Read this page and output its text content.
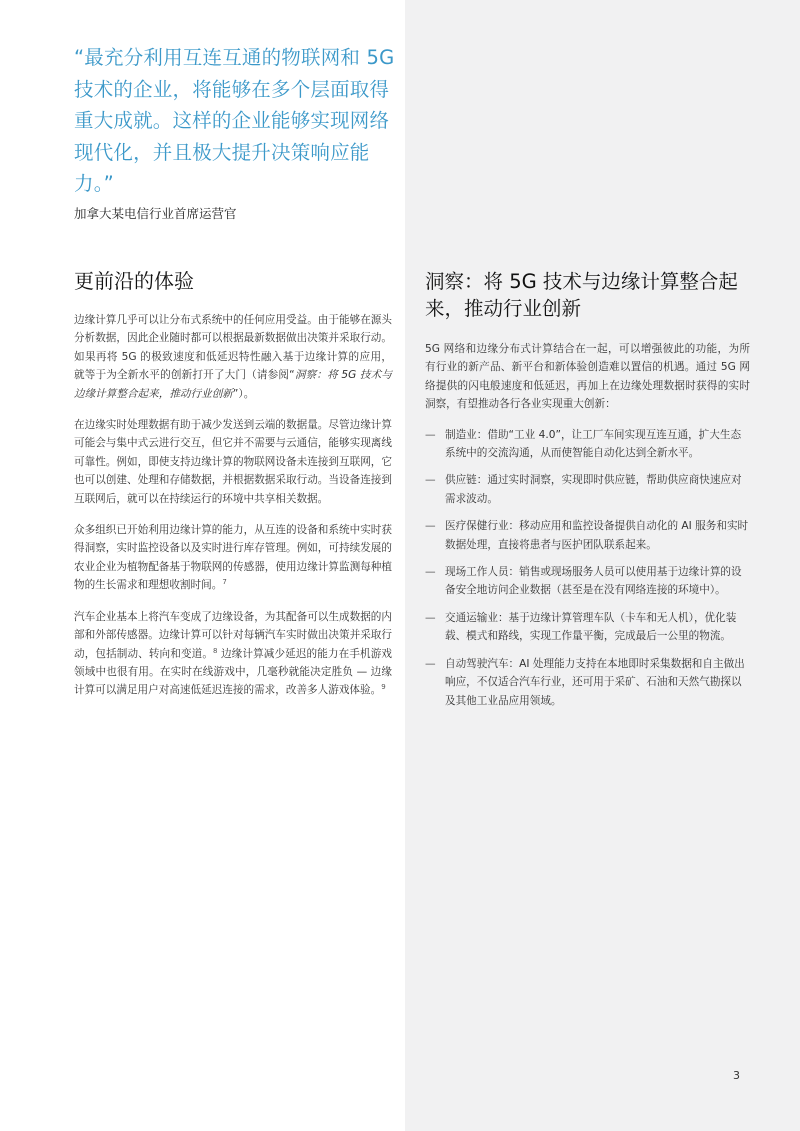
“最充分利用互连互通的物联网和 5G 技术的企业，将能够在多个层面取得重大成就。这样的企业能够实现网络现代化，并且极大提升决策响应能力。”

加拿大某电信行业首席运营官

更前沿的体验

边缘计算几乎可以让分布式系统中的任何应用受益。由于能够在源头分析数据，因此企业随时都可以根据最新数据做出决策并采取行动。如果再将 5G 的极致速度和低延迟特性融入基于边缘计算的应用，就等于为全新水平的创新打开了大门（请参阅“洞察：将 5G 技术与边缘计算整合起来，推动行业创新”）。

在边缘实时处理数据有助于减少发送到云端的数据量。尽管边缘计算可能会与集中式云进行交互，但它并不需要与云通信，能够实现离线可靠性。例如，即使支持边缘计算的物联网设备未连接到互联网，它也可以创建、处理和存储数据，并根据数据采取行动。当设备连接到互联网后，就可以在持续运行的环境中共享相关数据。

众多组织已开始利用边缘计算的能力，从互连的设备和系统中实时获得洞察，实时监控设备以及实时进行库存管理。例如，可持续发展的农业企业为植物配备基于物联网的传感器，使用边缘计算监测每种植物的生长需求和理想收割时间。$^7$

汽车企业基本上将汽车变成了边缘设备，为其配备可以生成数据的内部和外部传感器。边缘计算可以针对每辆汽车实时做出决策并采取行动，包括制动、转向和变道。$^8$ 边缘计算减少延迟的能力在手机游戏领域中也很有用。在实时在线游戏中，几毫秒就能决定胜负 — 边缘计算可以满足用户对高速低延迟连接的需求，改善多人游戏体验。$^9$

洞察：将 5G 技术与边缘计算整合起来，推动行业创新

5G 网络和边缘分布式计算结合在一起，可以增强彼此的功能，为所有行业的新产品、新平台和新体验创造难以置信的机遇。通过 5G 网络提供的闪电般速度和低延迟，再加上在边缘处理数据时获得的实时洞察，有望推动各行各业实现重大创新：

— 制造业：借助“工业 4.0”，让工厂车间实现互连互通，扩大生态系统中的交流沟通，从而使智能自动化达到全新水平。
— 供应链：通过实时洞察，实现即时供应链，帮助供应商快速应对需求波动。
— 医疗保健行业：移动应用和监控设备提供自动化的 AI 服务和实时数据处理，直接将患者与医护团队联系起来。
— 现场工作人员：销售或现场服务人员可以使用基于边缘计算的设备安全地访问企业数据（甚至是在没有网络连接的环境中）。
— 交通运输业：基于边缘计算管理车队（卡车和无人机），优化装载、模式和路线，实现工作量平衡，完成最后一公里的物流。
— 自动驾驶汽车：AI 处理能力支持在本地即时采集数据和自主做出响应，不仅适合汽车行业，还可用于采矿、石油和天然气勘探以及其他工业品应用领域。
3
